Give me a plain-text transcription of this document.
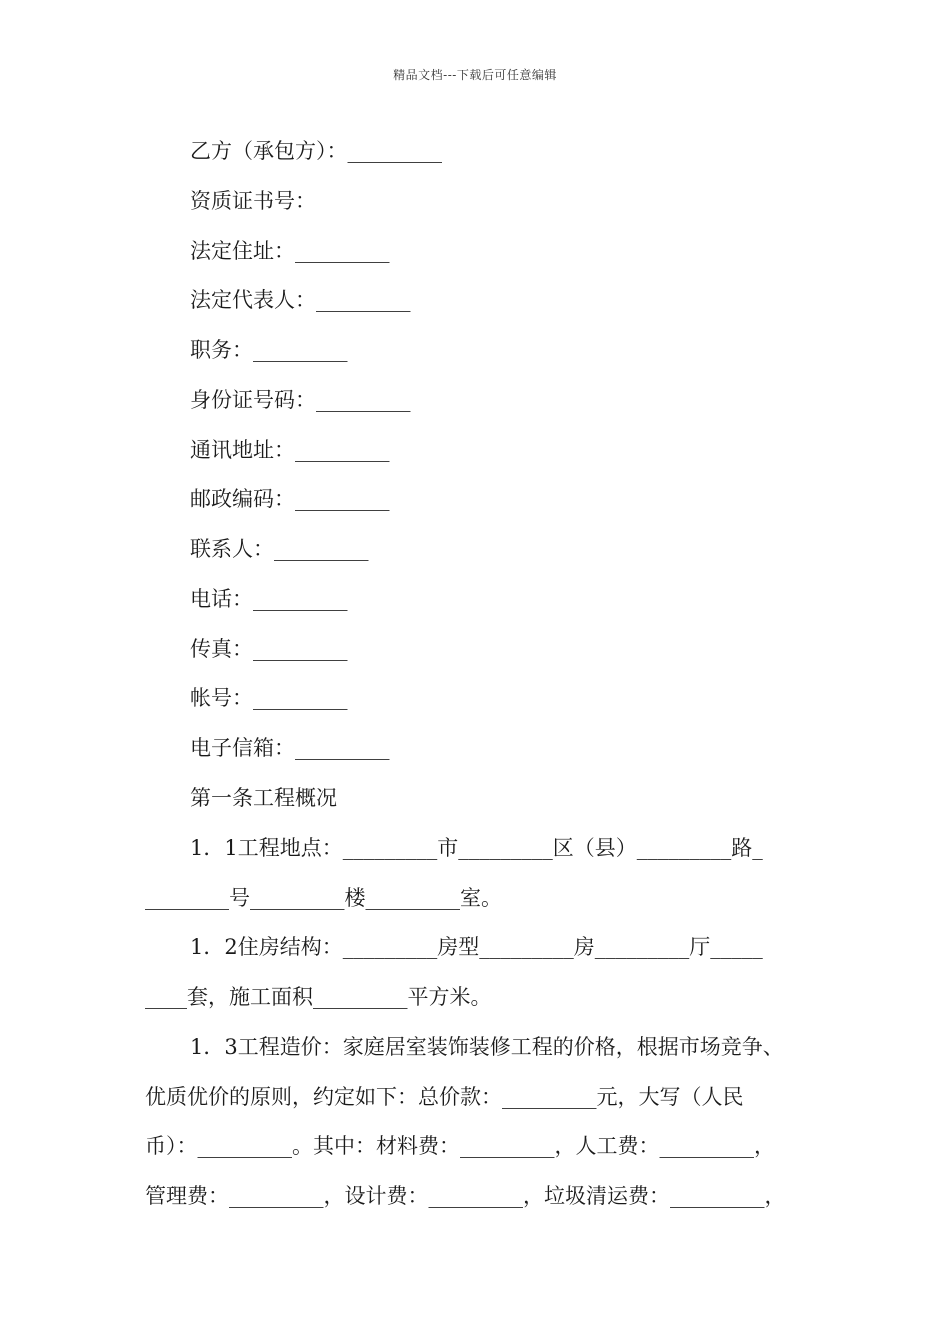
精品文档---下载后可任意编辑
乙方（承包方）：_________
资质证书号：
法定住址：_________
法定代表人：_________
职务：_________
身份证号码：_________
通讯地址：_________
邮政编码：_________
联系人：_________
电话：_________
传真：_________
帐号：_________
电子信箱：_________
第一条工程概况
1．1工程地点：_________市_________区（县）_________路_
________号_________楼_________室。
1．2住房结构：_________房型_________房_________厅_____
____套，施工面积_________平方米。
1．3工程造价：家庭居室装饰装修工程的价格，根据市场竞争、
优质优价的原则，约定如下：总价款：_________元，大写（人民
币）：_________。其中：材料费：_________，人工费：_________，
管理费：_________，设计费：_________，垃圾清运费：_________，
